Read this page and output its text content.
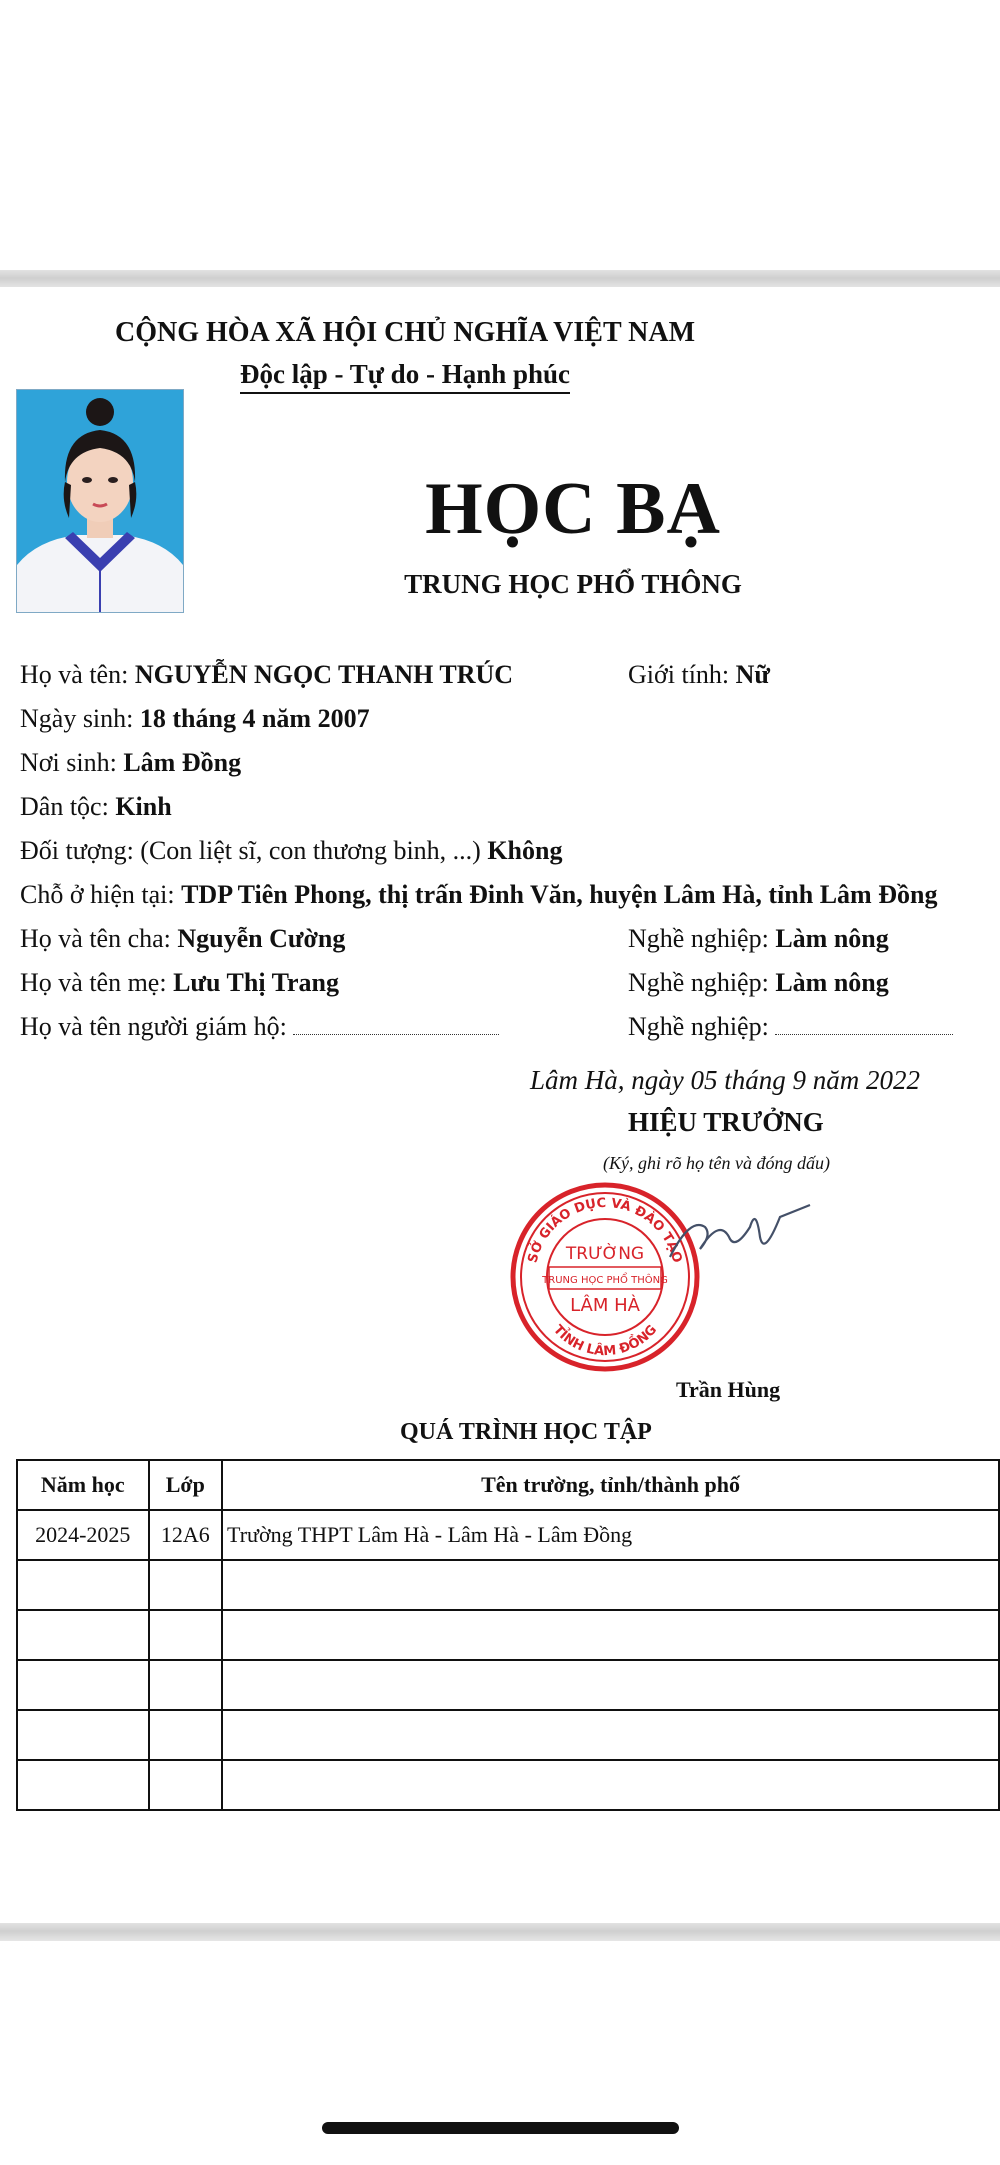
CỘNG HÒA XÃ HỘI CHỦ NGHĨA VIỆT NAM
Độc lập - Tự do - Hạnh phúc
HỌC BẠ
TRUNG HỌC PHỔ THÔNG
Họ và tên: NGUYỄN NGỌC THANH TRÚC	Giới tính: Nữ
Ngày sinh: 18 tháng 4 năm 2007
Nơi sinh: Lâm Đồng
Dân tộc: Kinh
Đối tượng: (Con liệt sĩ, con thương binh, ...) Không
Chỗ ở hiện tại: TDP Tiên Phong, thị trấn Đinh Văn, huyện Lâm Hà, tỉnh Lâm Đồng
Họ và tên cha: Nguyễn Cường	Nghề nghiệp: Làm nông
Họ và tên mẹ: Lưu Thị Trang	Nghề nghiệp: Làm nông
Họ và tên người giám hộ:	Nghề nghiệp:
Lâm Hà, ngày 05 tháng 9 năm 2022
HIỆU TRƯỞNG
(Ký, ghi rõ họ tên và đóng dấu)
SỞ GIÁO DỤC VÀ ĐÀO TẠO
TỈNH LÂM ĐỒNG
TRƯỜNG
TRUNG HỌC PHỔ THÔNG
LÂM HÀ
Trần Hùng
QUÁ TRÌNH HỌC TẬP
Năm học	Lớp	Tên trường, tỉnh/thành phố
2024-2025	12A6	Trường THPT Lâm Hà - Lâm Hà - Lâm Đồng
